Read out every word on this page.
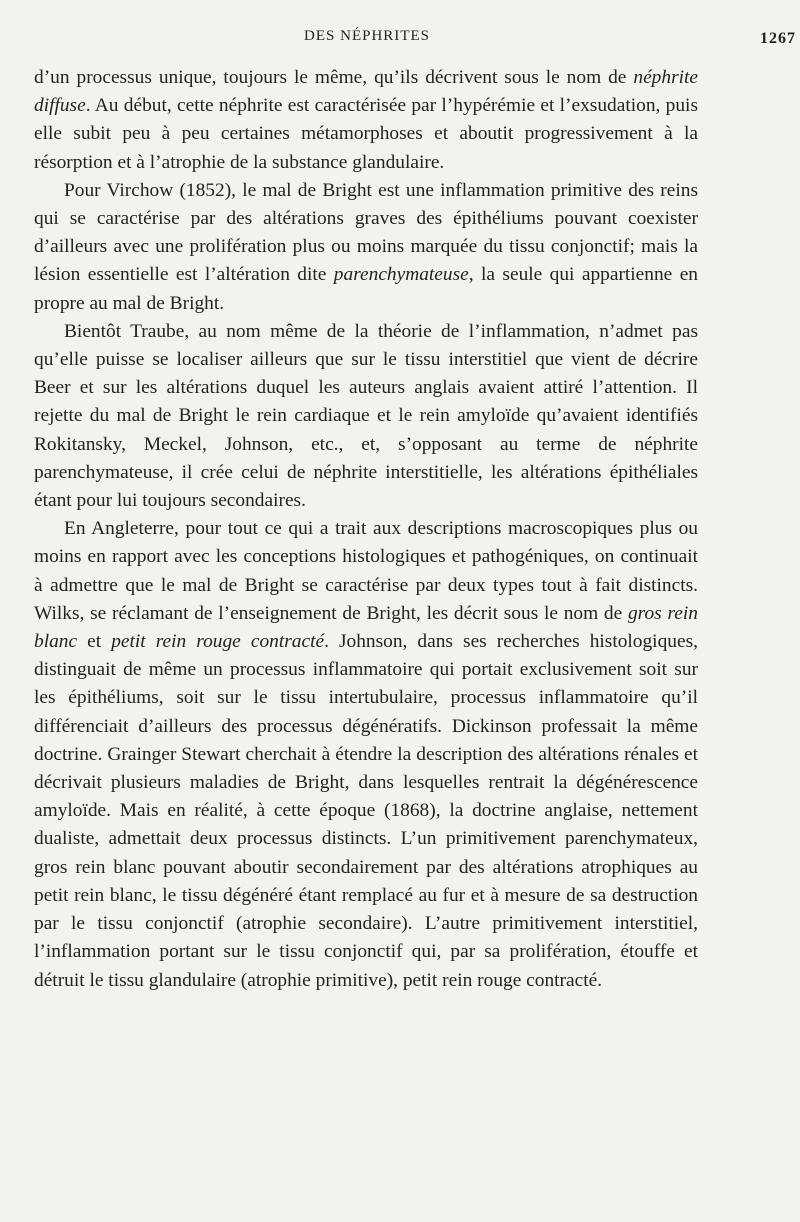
DES NÉPHRITES	1267

d’un processus unique, toujours le même, qu’ils décrivent sous le nom de néphrite diffuse. Au début, cette néphrite est caractérisée par l’hypérémie et l’exsudation, puis elle subit peu à peu certaines métamorphoses et aboutit progressivement à la résorption et à l’atrophie de la substance glandulaire.

Pour Virchow (1852), le mal de Bright est une inflammation primitive des reins qui se caractérise par des altérations graves des épithéliums pouvant coexister d’ailleurs avec une prolifération plus ou moins marquée du tissu conjonctif; mais la lésion essentielle est l’altération dite parenchymateuse, la seule qui appartienne en propre au mal de Bright.

Bientôt Traube, au nom même de la théorie de l’inflammation, n’admet pas qu’elle puisse se localiser ailleurs que sur le tissu interstitiel que vient de décrire Beer et sur les altérations duquel les auteurs anglais avaient attiré l’attention. Il rejette du mal de Bright le rein cardiaque et le rein amyloïde qu’avaient identifiés Rokitansky, Meckel, Johnson, etc., et, s’opposant au terme de néphrite parenchymateuse, il crée celui de néphrite interstitielle, les altérations épithéliales étant pour lui toujours secondaires.

En Angleterre, pour tout ce qui a trait aux descriptions macroscopiques plus ou moins en rapport avec les conceptions histologiques et pathogéniques, on continuait à admettre que le mal de Bright se caractérise par deux types tout à fait distincts. Wilks, se réclamant de l’enseignement de Bright, les décrit sous le nom de gros rein blanc et petit rein rouge contracté. Johnson, dans ses recherches histologiques, distinguait de même un processus inflammatoire qui portait exclusivement soit sur les épithéliums, soit sur le tissu intertubulaire, processus inflammatoire qu’il différenciait d’ailleurs des processus dégénératifs. Dickinson professait la même doctrine. Grainger Stewart cherchait à étendre la description des altérations rénales et décrivait plusieurs maladies de Bright, dans lesquelles rentrait la dégénérescence amyloïde. Mais en réalité, à cette époque (1868), la doctrine anglaise, nettement dualiste, admettait deux processus distincts. L’un primitivement parenchymateux, gros rein blanc pouvant aboutir secondairement par des altérations atrophiques au petit rein blanc, le tissu dégénéré étant remplacé au fur et à mesure de sa destruction par le tissu conjonctif (atrophie secondaire). L’autre primitivement interstitiel, l’inflammation portant sur le tissu conjonctif qui, par sa prolifération, étouffe et détruit le tissu glandulaire (atrophie primitive), petit rein rouge contracté.
